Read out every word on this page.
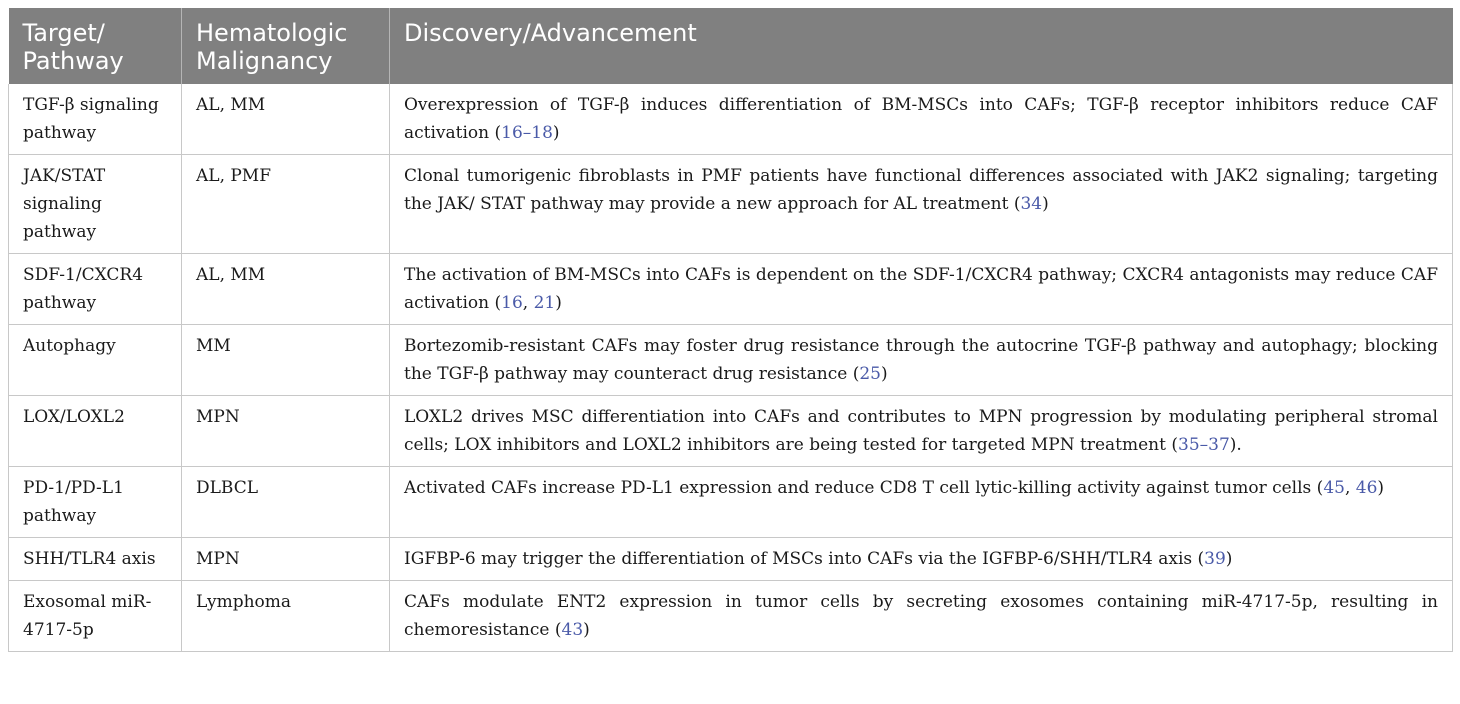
Target/ Pathway	Hematologic Malignancy	Discovery/Advancement
TGF-β signaling pathway	AL, MM	Overexpression of TGF-β induces differentiation of BM-MSCs into CAFs; TGF-β receptor inhibitors reduce CAF activation (16–18)
JAK/STAT signaling pathway	AL, PMF	Clonal tumorigenic fibroblasts in PMF patients have functional differences associated with JAK2 signaling; targeting the JAK/ STAT pathway may provide a new approach for AL treatment (34)
SDF-1/CXCR4 pathway	AL, MM	The activation of BM-MSCs into CAFs is dependent on the SDF-1/CXCR4 pathway; CXCR4 antagonists may reduce CAF activation (16, 21)
Autophagy	MM	Bortezomib-resistant CAFs may foster drug resistance through the autocrine TGF-β pathway and autophagy; blocking the TGF-β pathway may counteract drug resistance (25)
LOX/LOXL2	MPN	LOXL2 drives MSC differentiation into CAFs and contributes to MPN progression by modulating peripheral stromal cells; LOX inhibitors and LOXL2 inhibitors are being tested for targeted MPN treatment (35–37).
PD-1/PD-L1 pathway	DLBCL	Activated CAFs increase PD-L1 expression and reduce CD8 T cell lytic-killing activity against tumor cells (45, 46)
SHH/TLR4 axis	MPN	IGFBP-6 may trigger the differentiation of MSCs into CAFs via the IGFBP-6/SHH/TLR4 axis (39)
Exosomal miR-4717-5p	Lymphoma	CAFs modulate ENT2 expression in tumor cells by secreting exosomes containing miR-4717-5p, resulting in chemoresistance (43)
